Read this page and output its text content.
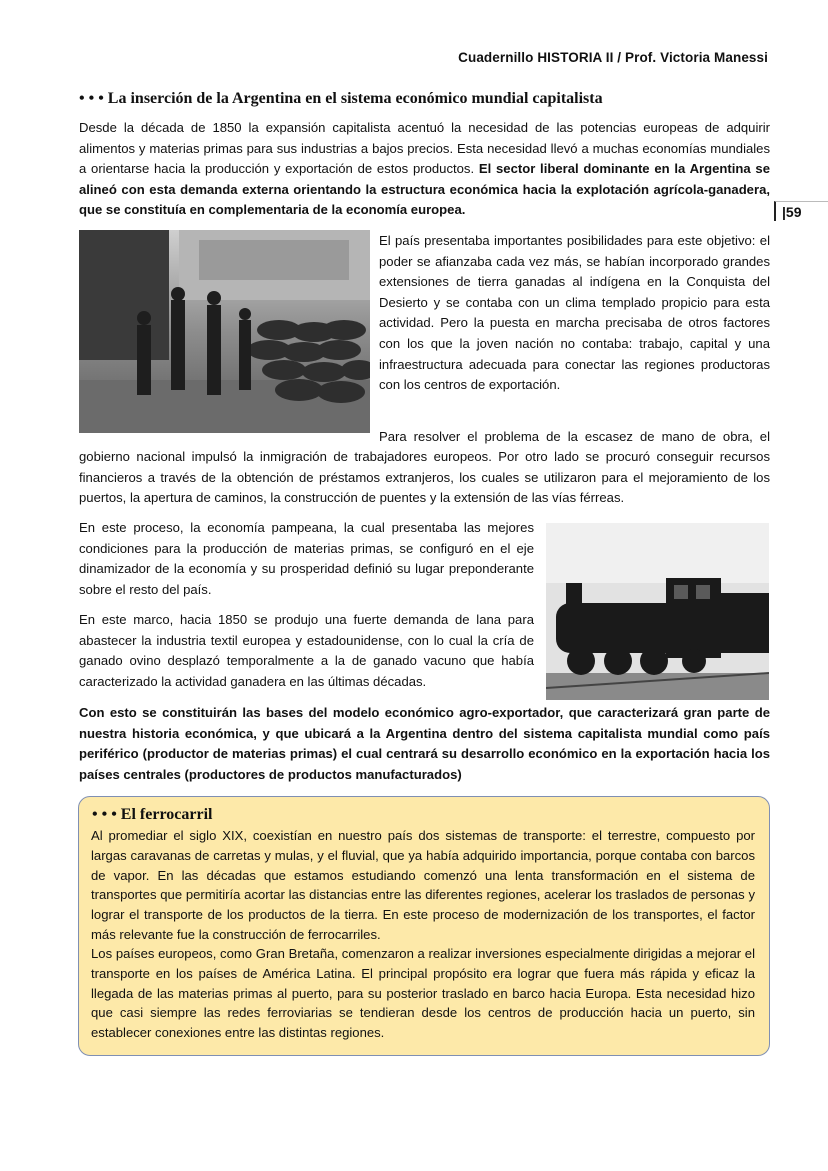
Cuadernillo HISTORIA II / Prof. Victoria Manessi
|59
• • • La inserción de la Argentina en el sistema económico mundial capitalista
Desde la década de 1850 la expansión capitalista acentuó la necesidad de las potencias europeas de adquirir alimentos y materias primas para sus industrias a bajos precios. Esta necesidad llevó a muchas economías mundiales a orientarse hacia la producción y exportación de estos productos. El sector liberal dominante en la Argentina se alineó con esta demanda externa orientando la estructura económica hacia la explotación agrícola-ganadera, que se constituía en complementaria de la economía europea.
El país presentaba importantes posibilidades para este objetivo: el poder se afianzaba cada vez más, se habían incorporado grandes extensiones de tierra ganadas al indígena en la Conquista del Desierto y se contaba con un clima templado propicio para esta actividad. Pero la puesta en marcha precisaba de otros factores con los que la joven nación no contaba: trabajo, capital y una infraestructura adecuada para conectar las regiones productoras con los centros de exportación.
Para resolver el problema de la escasez de mano de obra, el
gobierno nacional impulsó la inmigración de trabajadores europeos. Por otro lado se procuró conseguir recursos financieros a través de la obtención de préstamos extranjeros, los cuales se utilizaron para el mejoramiento de los puertos, la apertura de caminos, la construcción de puentes y la extensión de las vías férreas.
En este proceso, la economía pampeana, la cual presentaba las mejores condiciones para la producción de materias primas, se configuró en el eje dinamizador de la economía y su prosperidad definió su lugar preponderante sobre el resto del país.
En este marco, hacia 1850 se produjo una fuerte demanda de lana para abastecer la industria textil europea y estadounidense, con lo cual la cría de ganado ovino desplazó temporalmente a la de ganado vacuno que había caracterizado la actividad ganadera en las últimas décadas.
Con esto se constituirán las bases del modelo económico agro-exportador, que caracterizará gran parte de nuestra historia económica, y que ubicará a la Argentina dentro del sistema capitalista mundial como país periférico (productor de materias primas) el cual centrará su desarrollo económico en la exportación hacia los países centrales (productores de productos manufacturados)
• • • El ferrocarril
Al promediar el siglo XIX, coexistían en nuestro país dos sistemas de transporte: el terrestre, compuesto por largas caravanas de carretas y mulas, y el fluvial, que ya había adquirido importancia, porque contaba con barcos de vapor. En las décadas que estamos estudiando comenzó una lenta transformación en el sistema de transportes que permitiría acortar las distancias entre las diferentes regiones, acelerar los traslados de personas y lograr el transporte de los productos de la tierra. En este proceso de modernización de los transportes, el factor más relevante fue la construcción de ferrocarriles.
Los países europeos, como Gran Bretaña, comenzaron a realizar inversiones especialmente dirigidas a mejorar el transporte en los países de América Latina. El principal propósito era lograr que fuera más rápida y eficaz la llegada de las materias primas al puerto, para su posterior traslado en barco hacia Europa. Esta necesidad hizo que casi siempre las redes ferroviarias se tendieran desde los centros de producción hacia un puerto, sin establecer conexiones entre las distintas regiones.
